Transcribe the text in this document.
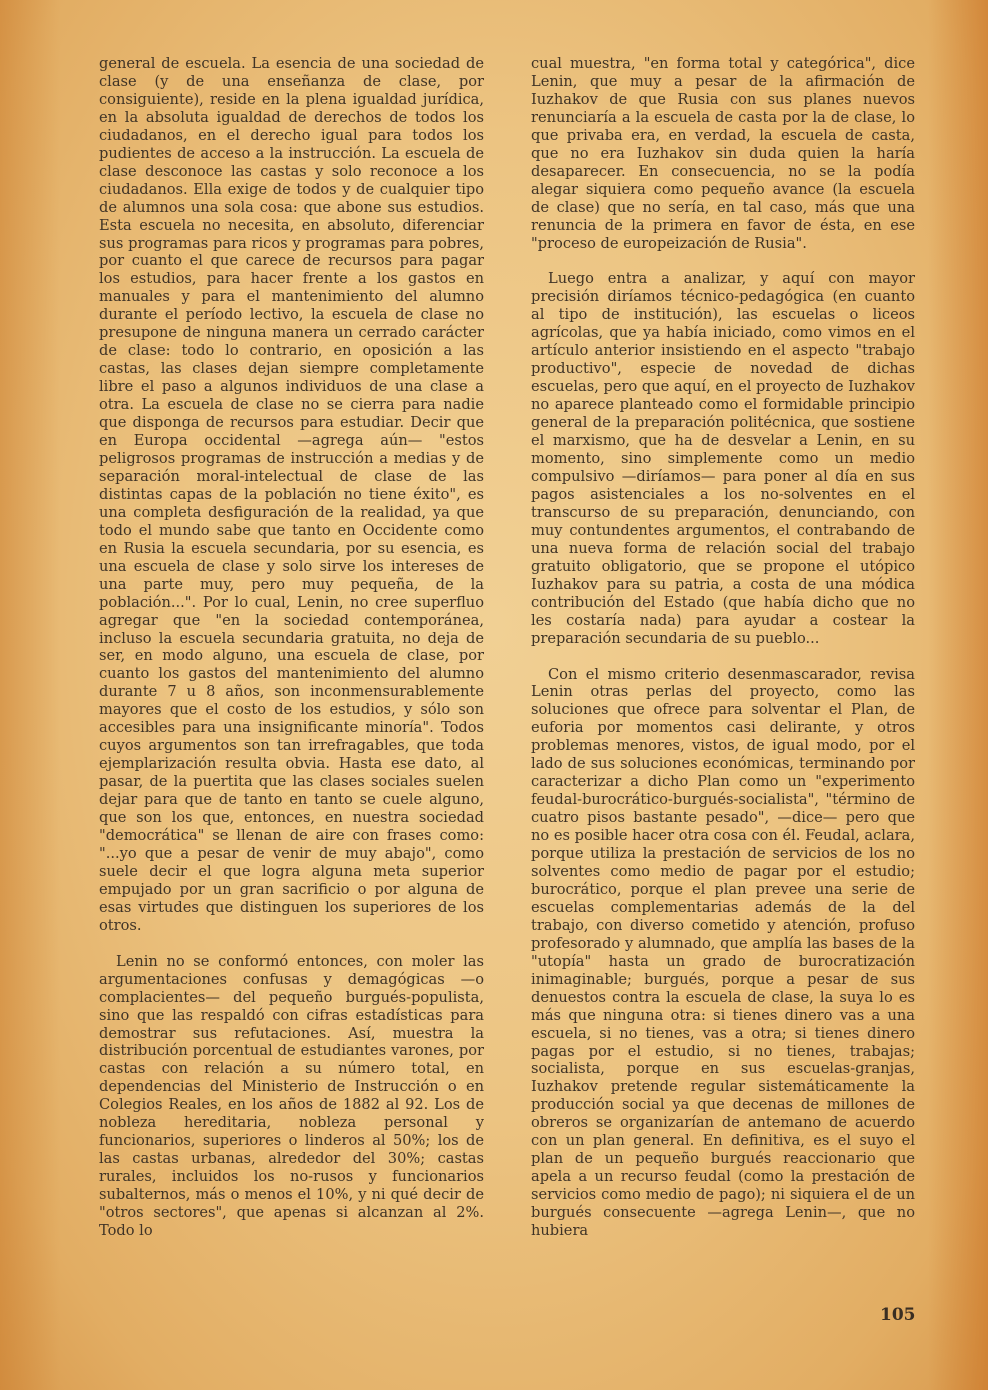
general de escuela. La esencia de una sociedad de clase (y de una enseñanza de clase, por consiguiente), reside en la plena igualdad jurídica, en la absoluta igualdad de derechos de todos los ciudadanos, en el derecho igual para todos los pudientes de acceso a la instrucción. La escuela de clase desconoce las castas y solo reconoce a los ciudadanos. Ella exige de todos y de cualquier tipo de alumnos una sola cosa: que abone sus estudios. Esta escuela no necesita, en absoluto, diferenciar sus programas para ricos y programas para pobres, por cuanto el que carece de recursos para pagar los estudios, para hacer frente a los gastos en manuales y para el mantenimiento del alumno durante el período lectivo, la escuela de clase no presupone de ninguna manera un cerrado carácter de clase: todo lo contrario, en oposición a las castas, las clases dejan siempre completamente libre el paso a algunos individuos de una clase a otra. La escuela de clase no se cierra para nadie que disponga de recursos para estudiar. Decir que en Europa occidental —agrega aún— "estos peligrosos programas de instrucción a medias y de separación moral-intelectual de clase de las distintas capas de la población no tiene éxito", es una completa desfiguración de la realidad, ya que todo el mundo sabe que tanto en Occidente como en Rusia la escuela secundaria, por su esencia, es una escuela de clase y solo sirve los intereses de una parte muy, pero muy pequeña, de la población...". Por lo cual, Lenin, no cree superfluo agregar que "en la sociedad contemporánea, incluso la escuela secundaria gratuita, no deja de ser, en modo alguno, una escuela de clase, por cuanto los gastos del mantenimiento del alumno durante 7 u 8 años, son inconmensurablemente mayores que el costo de los estudios, y sólo son accesibles para una insignificante minoría". Todos cuyos argumentos son tan irrefragables, que toda ejemplarización resulta obvia. Hasta ese dato, al pasar, de la puertita que las clases sociales suelen dejar para que de tanto en tanto se cuele alguno, que son los que, entonces, en nuestra sociedad "democrática" se llenan de aire con frases como: "...yo que a pesar de venir de muy abajo", como suele decir el que logra alguna meta superior empujado por un gran sacrificio o por alguna de esas virtudes que distinguen los superiores de los otros.

Lenin no se conformó entonces, con moler las argumentaciones confusas y demagógicas —o complacientes— del pequeño burgués-populista, sino que las respaldó con cifras estadísticas para demostrar sus refutaciones. Así, muestra la distribución porcentual de estudiantes varones, por castas con relación a su número total, en dependencias del Ministerio de Instrucción o en Colegios Reales, en los años de 1882 al 92. Los de nobleza hereditaria, nobleza personal y funcionarios, superiores o linderos al 50%; los de las castas urbanas, alrededor del 30%; castas rurales, incluidos los no-rusos y funcionarios subalternos, más o menos el 10%, y ni qué decir de "otros sectores", que apenas si alcanzan al 2%. Todo lo

cual muestra, "en forma total y categórica", dice Lenin, que muy a pesar de la afirmación de Iuzhakov de que Rusia con sus planes nuevos renunciaría a la escuela de casta por la de clase, lo que privaba era, en verdad, la escuela de casta, que no era Iuzhakov sin duda quien la haría desaparecer. En consecuencia, no se la podía alegar siquiera como pequeño avance (la escuela de clase) que no sería, en tal caso, más que una renuncia de la primera en favor de ésta, en ese "proceso de europeización de Rusia".

Luego entra a analizar, y aquí con mayor precisión diríamos técnico-pedagógica (en cuanto al tipo de institución), las escuelas o liceos agrícolas, que ya había iniciado, como vimos en el artículo anterior insistiendo en el aspecto "trabajo productivo", especie de novedad de dichas escuelas, pero que aquí, en el proyecto de Iuzhakov no aparece planteado como el formidable principio general de la preparación politécnica, que sostiene el marxismo, que ha de desvelar a Lenin, en su momento, sino simplemente como un medio compulsivo —diríamos— para poner al día en sus pagos asistenciales a los no-solventes en el transcurso de su preparación, denunciando, con muy contundentes argumentos, el contrabando de una nueva forma de relación social del trabajo gratuito obligatorio, que se propone el utópico Iuzhakov para su patria, a costa de una módica contribución del Estado (que había dicho que no les costaría nada) para ayudar a costear la preparación secundaria de su pueblo...

Con el mismo criterio desenmascarador, revisa Lenin otras perlas del proyecto, como las soluciones que ofrece para solventar el Plan, de euforia por momentos casi delirante, y otros problemas menores, vistos, de igual modo, por el lado de sus soluciones económicas, terminando por caracterizar a dicho Plan como un "experimento feudal-burocrático-burgués-socialista", "término de cuatro pisos bastante pesado", —dice— pero que no es posible hacer otra cosa con él. Feudal, aclara, porque utiliza la prestación de servicios de los no solventes como medio de pagar por el estudio; burocrático, porque el plan prevee una serie de escuelas complementarias además de la del trabajo, con diverso cometido y atención, profuso profesorado y alumnado, que amplía las bases de la "utopía" hasta un grado de burocratización inimaginable; burgués, porque a pesar de sus denuestos contra la escuela de clase, la suya lo es más que ninguna otra: si tienes dinero vas a una escuela, si no tienes, vas a otra; si tienes dinero pagas por el estudio, si no tienes, trabajas; socialista, porque en sus escuelas-granjas, Iuzhakov pretende regular sistemáticamente la producción social ya que decenas de millones de obreros se organizarían de antemano de acuerdo con un plan general. En definitiva, es el suyo el plan de un pequeño burgués reaccionario que apela a un recurso feudal (como la prestación de servicios como medio de pago); ni siquiera el de un burgués consecuente —agrega Lenin—, que no hubiera

105
